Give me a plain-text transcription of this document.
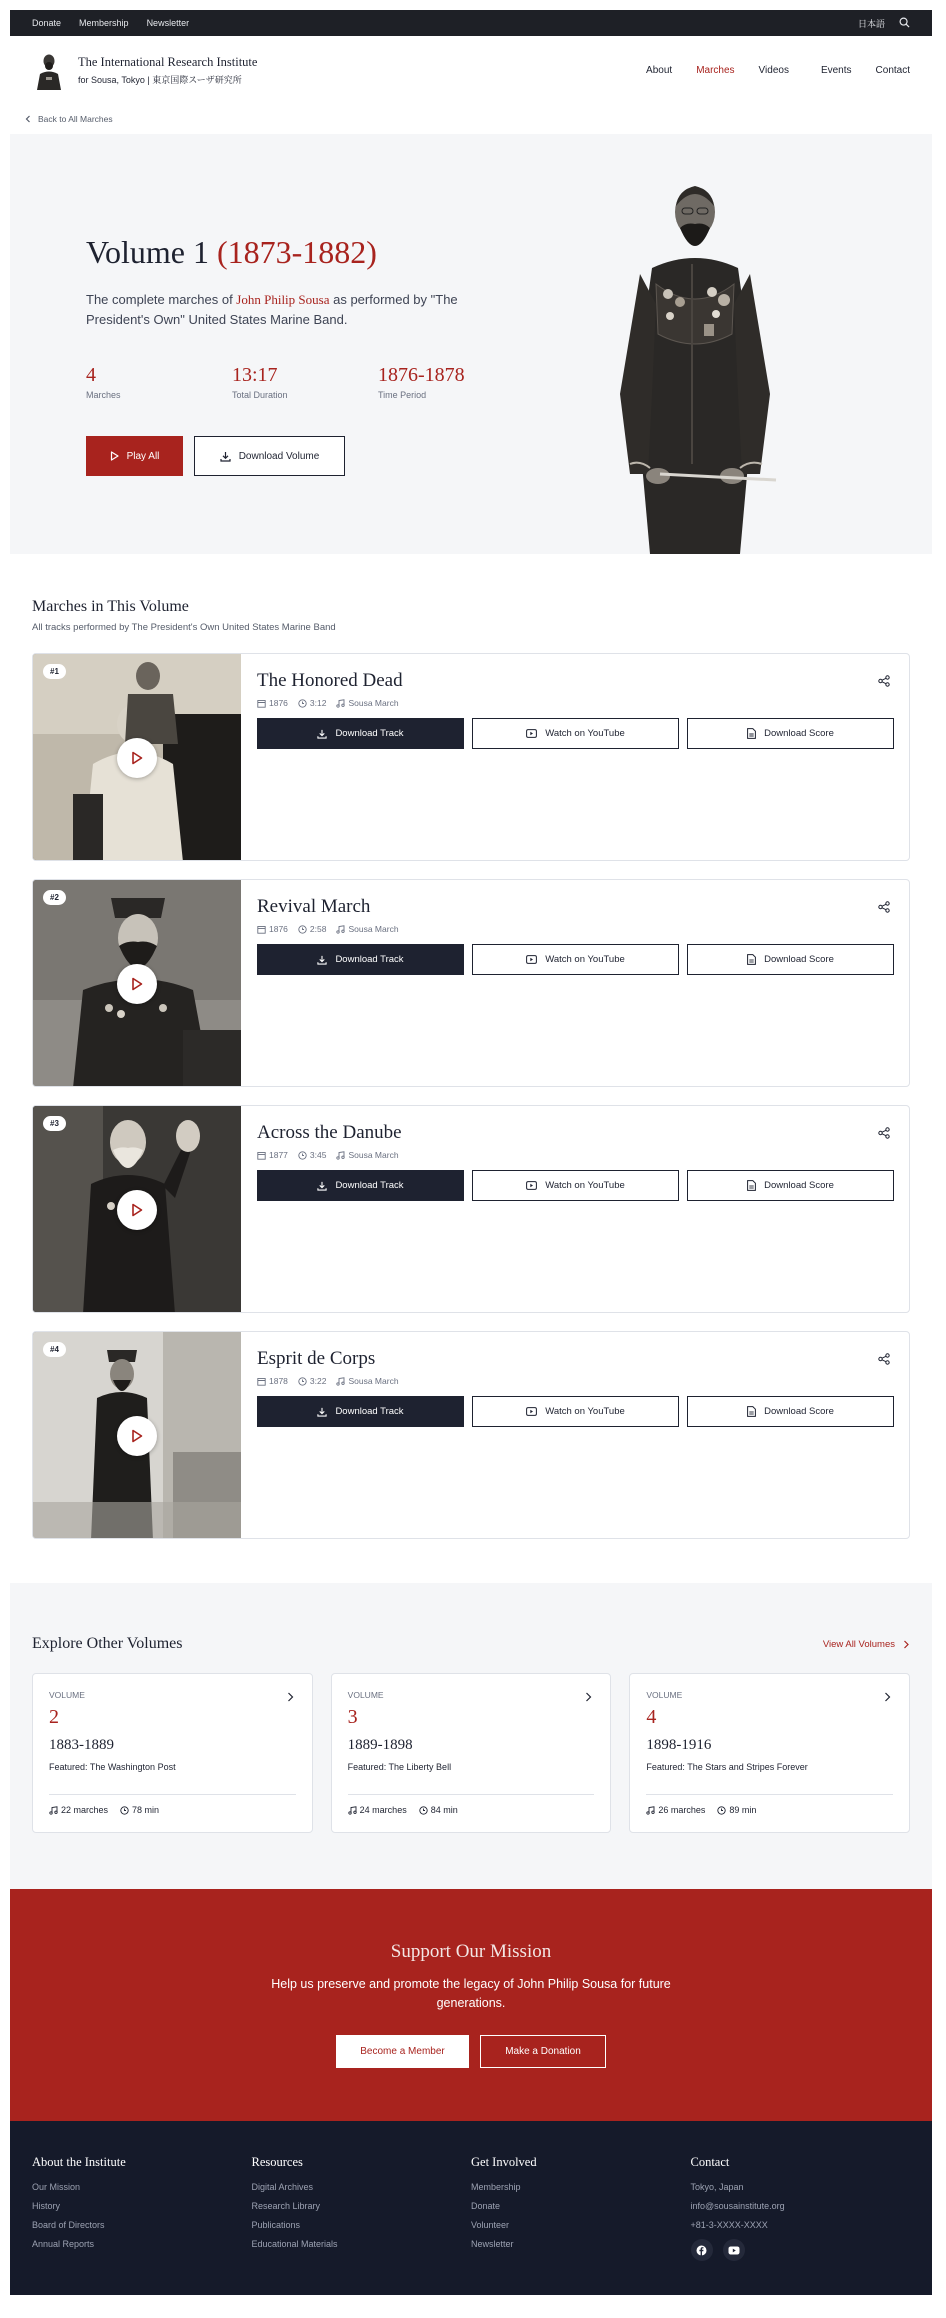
Donate Membership Newsletter	日本語
The International Research Institute
for Sousa, Tokyo | 東京国際スーザ研究所
About Marches Videos	Events Contact
Back to All Marches
Volume 1 (1873-1882)

The complete marches of John Philip Sousa as performed by "The President's Own" United States Marine Band.

4
Marches
13:17
Total Duration
1876-1878
Time Period
Play All	Download Volume
Marches in This Volume
All tracks performed by The President's Own United States Marine Band
#1	The Honored Dead
1876	3:12	Sousa March
Download Track	Watch on YouTube	Download Score
#2	Revival March
1876	2:58	Sousa March
Download Track	Watch on YouTube	Download Score
#3	Across the Danube
1877	3:45	Sousa March
Download Track	Watch on YouTube	Download Score
#4	Esprit de Corps
1878	3:22	Sousa March
Download Track	Watch on YouTube	Download Score
Explore Other Volumes	View All Volumes
VOLUME
2
1883-1889
Featured: The Washington Post
22 marches	78 min
VOLUME
3
1889-1898
Featured: The Liberty Bell
24 marches	84 min
VOLUME
4
1898-1916
Featured: The Stars and Stripes Forever
26 marches	89 min
Support Our Mission

Help us preserve and promote the legacy of John Philip Sousa for future generations.

Become a Member	Make a Donation
About the Institute
Our Mission
History
Board of Directors
Annual Reports
Resources
Digital Archives
Research Library
Publications
Educational Materials
Get Involved
Membership
Donate
Volunteer
Newsletter
Contact
Tokyo, Japan
info@sousainstitute.org
+81-3-XXXX-XXXX
